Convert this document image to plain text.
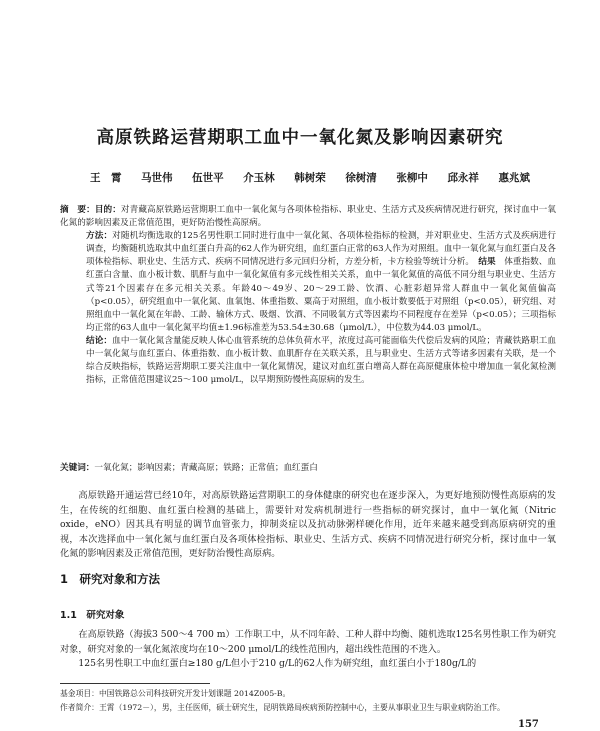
高原铁路运营期职工血中一氧化氮及影响因素研究
王　霄 马世伟 伍世平 介玉林 韩树荣 徐树清 张柳中 邱永祥 惠兆斌

摘　要：目的：对青藏高原铁路运营期职工血中一氧化氮与各项体检指标、职业史、生活方式及疾病情况进行研究，探讨血中一氧化氮的影响因素及正常值范围，更好防治慢性高原病。

方法：对随机均衡选取的125名男性职工同时进行血中一氧化氮、各项体检指标的检测，并对职业史、生活方式及疾病进行调查，均衡随机选取其中血红蛋白升高的62人作为研究组，血红蛋白正常的63人作为对照组。血中一氧化氮与血红蛋白及各项体检指标、职业史、生活方式、疾病不同情况进行多元回归分析，方差分析，卡方检验等统计分析。　 结果　 体重指数、血红蛋白含量、血小板计数、肌酐与血中一氧化氮值有多元线性相关关系，血中一氧化氮值的高低不同分组与职业史、生活方式等21个因素存在多元相关关系。年龄40～49岁、20～29工龄、饮酒、心脏彩超异常人群血中一氧化氮值偏高（p<0.05），研究组血中一氧化氮、血氧饱、体重指数、粟高于对照组，血小板计数要低于对照组（p<0.05），研究组、对照组血中一氧化氮在年龄、工龄、输休方式、吸烟、饮酒、不同吸氧方式等因素均不同程度存在差异（p<0.05）；三项指标均正常的63人血中一氧化氮平均值±1.96标准差为53.54±30.68（μmol/L），中位数为44.03 μmol/L。

结论：血中一氧化氮含量能反映人体心血管系统的总体负荷水平，浓度过高可能面临失代偿后发病的风险；青藏铁路职工血中一氧化氮与血红蛋白、体重指数、血小板计数、血肌酐存在关联关系，且与职业史、生活方式等诸多因素有关联，是一个综合反映指标，铁路运营期职工要关注血中一氧化氮情况，建议对血红蛋白增高人群在高原健康体检中增加血一氧化氮检测指标，正常值范围建议25～100 μmol/L，以早期预防慢性高原病的发生。

关键词：一氧化氮；影响因素；青藏高原；铁路；正常值；血红蛋白

高原铁路开通运营已经10年，对高原铁路运营期职工的身体健康的研究也在逐步深入，为更好地预防慢性高原病的发生，在传统的红细胞、血红蛋白检测的基础上，需要针对发病机制进行一些指标的研究探讨，血中一氧化氮（Nitric oxide，eNO）因其具有明显的调节血管张力，抑制炎症以及抗动脉粥样硬化作用，近年来越来越受到高原病研究的重视，本次选择血中一氧化氮与血红蛋白及各项体检指标、职业史、生活方式、疾病不同情况进行研究分析，探讨血中一氧化氮的影响因素及正常值范围，更好防治慢性高原病。

1　 研究对象和方法
1.1　 研究对象

在高原铁路（海拔3 500～4 700 m）工作职工中，从不同年龄、工种人群中均衡、随机选取125名男性职工作为研究对象，研究对象的一氧化氮浓度均在10～200 μmol/L的线性范围内，超出线性范围的不选入。

125名男性职工中血红蛋白≥180 g/L但小于210 g/L的62人作为研究组，血红蛋白小于180g/L的

基金项目：中国铁路总公司科技研究开发计划课题 2014Z005-B。
作者简介：王霄（1972－），男，主任医师，硕士研究生，昆明铁路局疾病预防控制中心，主要从事职业卫生与职业病防治工作。
157
